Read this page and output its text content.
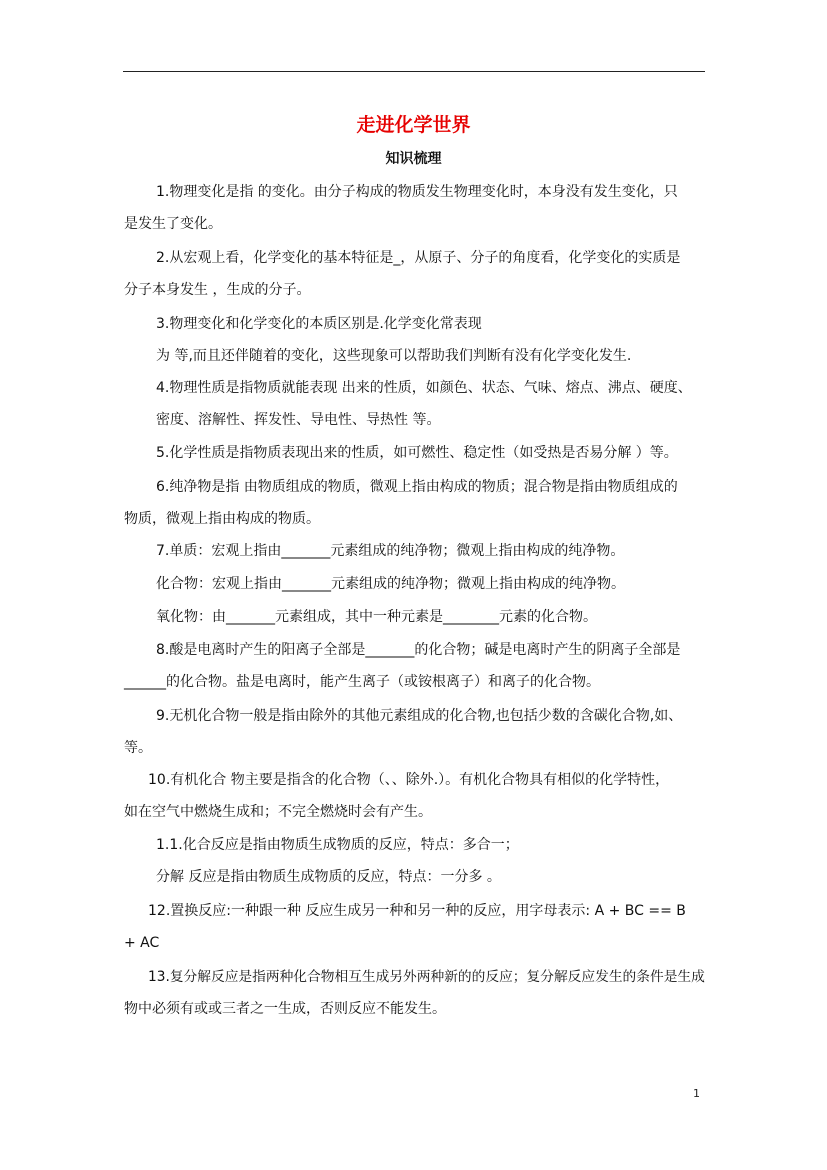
走进化学世界
知识梳理
1.物理变化是指 的变化。由分子构成的物质发生物理变化时，本身没有发生变化，只
是发生了变化。
2.从宏观上看，化学变化的基本特征是_，从原子、分子的角度看，化学变化的实质是
分子本身发生 ，生成的分子。
3.物理变化和化学变化的本质区别是.化学变化常表现
为 等,而且还伴随着的变化，这些现象可以帮助我们判断有没有化学变化发生.
4.物理性质是指物质就能表现 出来的性质，如颜色、状态、气味、熔点、沸点、硬度、
密度、溶解性、挥发性、导电性、导热性 等。
5.化学性质是指物质表现出来的性质，如可燃性、稳定性（如受热是否易分解 ）等。
6.纯净物是指 由物质组成的物质，微观上指由构成的物质；混合物是指由物质组成的
物质，微观上指由构成的物质。
7.单质：宏观上指由_______元素组成的纯净物；微观上指由构成的纯净物。
化合物：宏观上指由_______元素组成的纯净物；微观上指由构成的纯净物。
氧化物：由_______元素组成，其中一种元素是________元素的化合物。
8.酸是电离时产生的阳离子全部是_______的化合物；碱是电离时产生的阴离子全部是
______的化合物。盐是电离时，能产生离子（或铵根离子）和离子的化合物。
9.无机化合物一般是指由除外的其他元素组成的化合物,也包括少数的含碳化合物,如、
等。
10.有机化合 物主要是指含的化合物（、、除外.）。有机化合物具有相似的化学特性，
如在空气中燃烧生成和；不完全燃烧时会有产生。
1.1.化合反应是指由物质生成物质的反应，特点：多合一；
分解 反应是指由物质生成物质的反应，特点：一分多 。
12.置换反应:一种跟一种 反应生成另一种和另一种的反应，用字母表示: A + BC == B
+ AC
13.复分解反应是指两种化合物相互生成另外两种新的的反应；复分解反应发生的条件是生成
物中必须有或或三者之一生成，否则反应不能发生。
1
